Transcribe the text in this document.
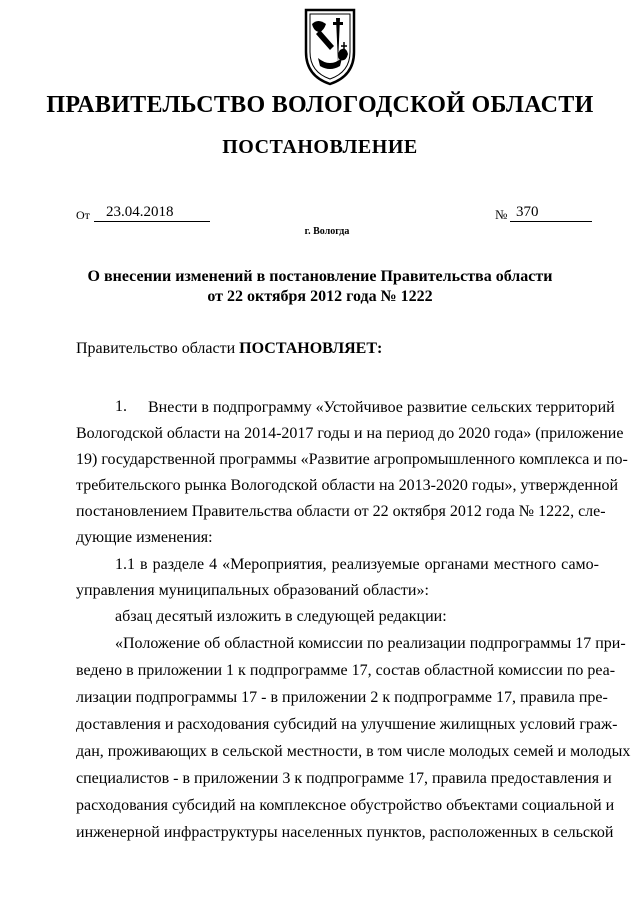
ПРАВИТЕЛЬСТВО ВОЛОГОДСКОЙ ОБЛАСТИ
ПОСТАНОВЛЕНИЕ
От	23.04.2018	№ 370
г. Вологда
О внесении изменений в постановление Правительства области
от 22 октября 2012 года № 1222
Правительство области ПОСТАНОВЛЯЕТ:
1. Внести в подпрограмму «Устойчивое развитие сельских территорий
Вологодской области на 2014-2017 годы и на период до 2020 года» (приложение
19) государственной программы «Развитие агропромышленного комплекса и по-
требительского рынка Вологодской области на 2013-2020 годы», утвержденной
постановлением Правительства области от 22 октября 2012 года № 1222, сле-
дующие изменения:
1.1 в разделе 4 «Мероприятия, реализуемые органами местного само-
управления муниципальных образований области»:
абзац десятый изложить в следующей редакции:
«Положение об областной комиссии по реализации подпрограммы 17 при-
ведено в приложении 1 к подпрограмме 17, состав областной комиссии по реа-
лизации подпрограммы 17 - в приложении 2 к подпрограмме 17, правила пре-
доставления и расходования субсидий на улучшение жилищных условий граж-
дан, проживающих в сельской местности, в том числе молодых семей и молодых
специалистов - в приложении 3 к подпрограмме 17, правила предоставления и
расходования субсидий на комплексное обустройство объектами социальной и
инженерной инфраструктуры населенных пунктов, расположенных в сельской
